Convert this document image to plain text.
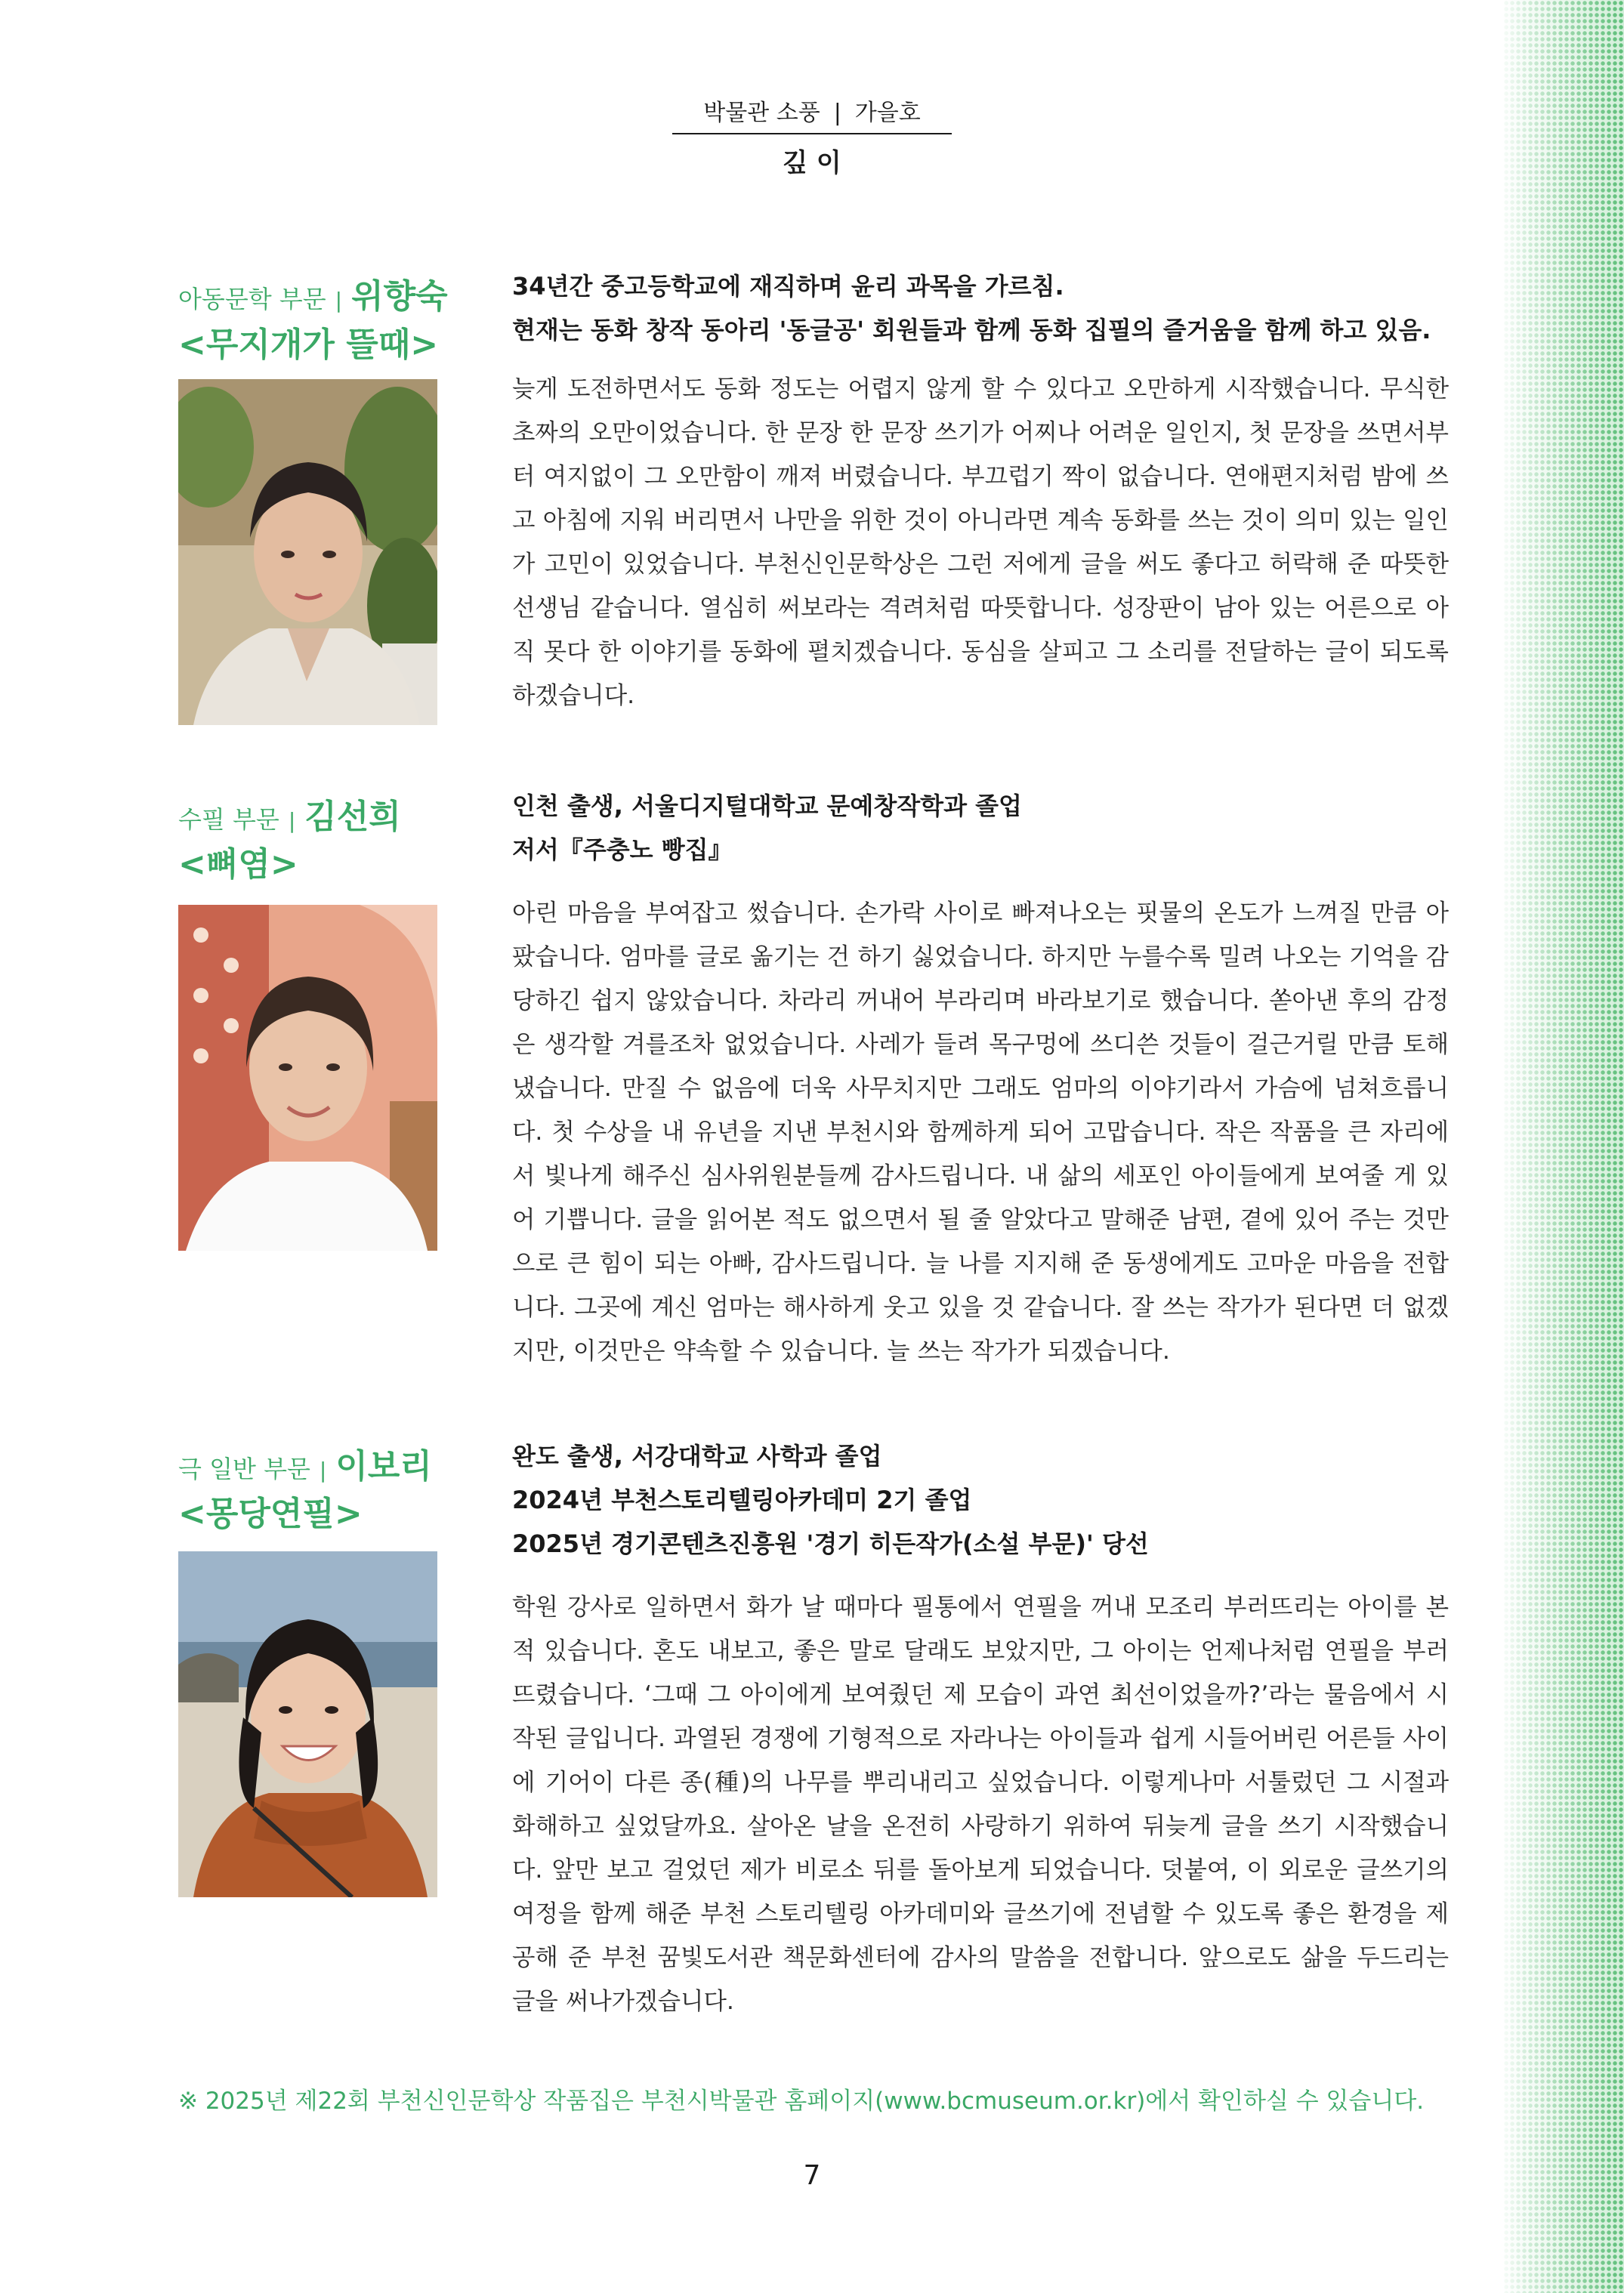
박물관 소풍 | 가을호
깊 이
아동문학 부문 | 위향숙
<무지개가 뜰때>
34년간 중고등학교에 재직하며 윤리 과목을 가르침.
현재는 동화 창작 동아리 '동글공' 회원들과 함께 동화 집필의 즐거움을 함께 하고 있음.
늦게 도전하면서도 동화 정도는 어렵지 않게 할 수 있다고 오만하게 시작했습니다. 무식한 초짜의 오만이었습니다. 한 문장 한 문장 쓰기가 어찌나 어려운 일인지, 첫 문장을 쓰면서부터 여지없이 그 오만함이 깨져 버렸습니다. 부끄럽기 짝이 없습니다. 연애편지처럼 밤에 쓰고 아침에 지워 버리면서 나만을 위한 것이 아니라면 계속 동화를 쓰는 것이 의미 있는 일인가 고민이 있었습니다. 부천신인문학상은 그런 저에게 글을 써도 좋다고 허락해 준 따뜻한 선생님 같습니다. 열심히 써보라는 격려처럼 따뜻합니다. 성장판이 남아 있는 어른으로 아직 못다 한 이야기를 동화에 펼치겠습니다. 동심을 살피고 그 소리를 전달하는 글이 되도록 하겠습니다.
수필 부문 | 김선희
<뼈염>
인천 출생, 서울디지털대학교 문예창작학과 졸업
저서『주충노 빵집』
아린 마음을 부여잡고 썼습니다. 손가락 사이로 빠져나오는 핏물의 온도가 느껴질 만큼 아팠습니다. 엄마를 글로 옮기는 건 하기 싫었습니다. 하지만 누를수록 밀려 나오는 기억을 감당하긴 쉽지 않았습니다. 차라리 꺼내어 부라리며 바라보기로 했습니다. 쏟아낸 후의 감정은 생각할 겨를조차 없었습니다. 사레가 들려 목구멍에 쓰디쓴 것들이 걸근거릴 만큼 토해냈습니다. 만질 수 없음에 더욱 사무치지만 그래도 엄마의 이야기라서 가슴에 넘쳐흐릅니다. 첫 수상을 내 유년을 지낸 부천시와 함께하게 되어 고맙습니다. 작은 작품을 큰 자리에서 빛나게 해주신 심사위원분들께 감사드립니다. 내 삶의 세포인 아이들에게 보여줄 게 있어 기쁩니다. 글을 읽어본 적도 없으면서 될 줄 알았다고 말해준 남편, 곁에 있어 주는 것만으로 큰 힘이 되는 아빠, 감사드립니다. 늘 나를 지지해 준 동생에게도 고마운 마음을 전합니다. 그곳에 계신 엄마는 해사하게 웃고 있을 것 같습니다. 잘 쓰는 작가가 된다면 더 없겠지만, 이것만은 약속할 수 있습니다. 늘 쓰는 작가가 되겠습니다.
극 일반 부문 | 이보리
<몽당연필>
완도 출생, 서강대학교 사학과 졸업
2024년 부천스토리텔링아카데미 2기 졸업
2025년 경기콘텐츠진흥원 '경기 히든작가(소설 부문)' 당선
학원 강사로 일하면서 화가 날 때마다 필통에서 연필을 꺼내 모조리 부러뜨리는 아이를 본 적 있습니다. 혼도 내보고, 좋은 말로 달래도 보았지만, 그 아이는 언제나처럼 연필을 부러뜨렸습니다. ‘그때 그 아이에게 보여줬던 제 모습이 과연 최선이었을까?’라는 물음에서 시작된 글입니다. 과열된 경쟁에 기형적으로 자라나는 아이들과 쉽게 시들어버린 어른들 사이에 기어이 다른 종(種)의 나무를 뿌리내리고 싶었습니다. 이렇게나마 서툴렀던 그 시절과 화해하고 싶었달까요. 살아온 날을 온전히 사랑하기 위하여 뒤늦게 글을 쓰기 시작했습니다. 앞만 보고 걸었던 제가 비로소 뒤를 돌아보게 되었습니다. 덧붙여, 이 외로운 글쓰기의 여정을 함께 해준 부천 스토리텔링 아카데미와 글쓰기에 전념할 수 있도록 좋은 환경을 제공해 준 부천 꿈빛도서관 책문화센터에 감사의 말씀을 전합니다. 앞으로도 삶을 두드리는 글을 써나가겠습니다.
※ 2025년 제22회 부천신인문학상 작품집은 부천시박물관 홈페이지(www.bcmuseum.or.kr)에서 확인하실 수 있습니다.
7
